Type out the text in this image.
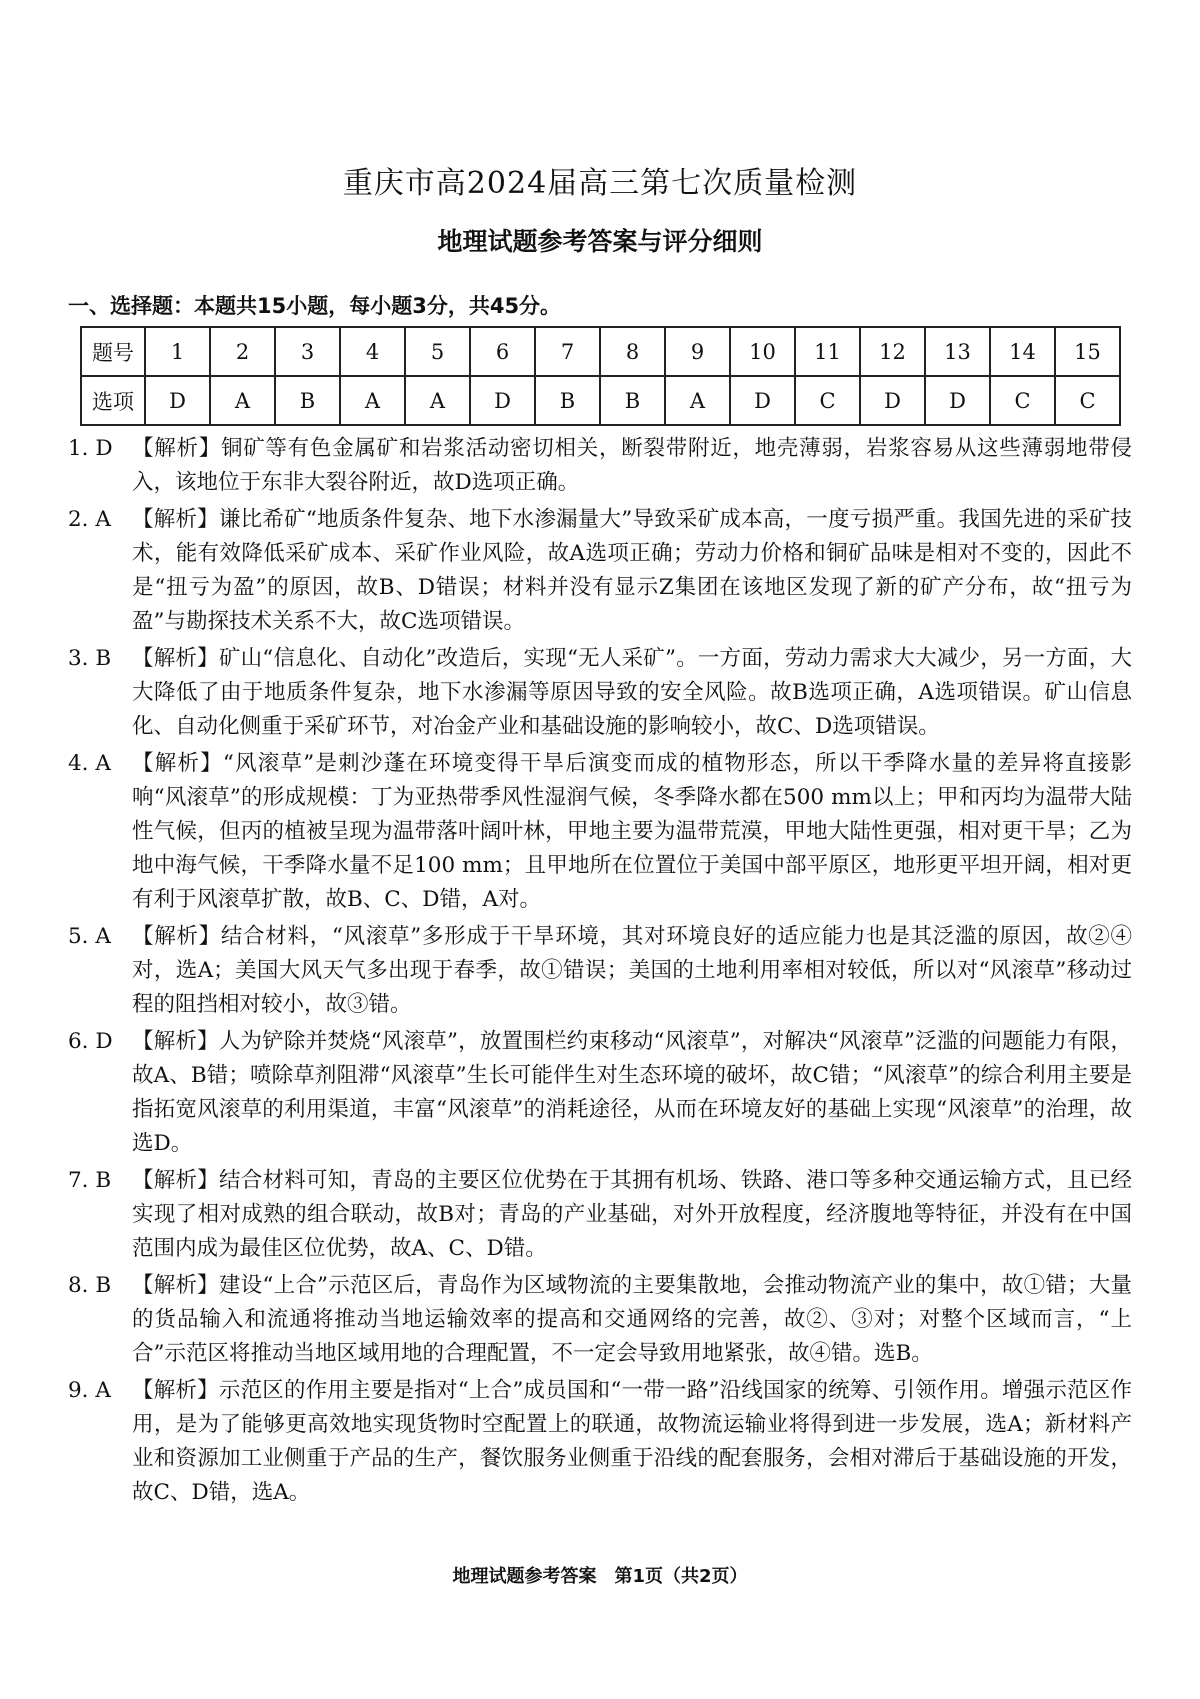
重庆市高2024届高三第七次质量检测
地理试题参考答案与评分细则
一、选择题：本题共15小题，每小题3分，共45分。
题号	1	2	3	4	5	6	7	8	9	10	11	12	13	14	15
选项	D	A	B	A	A	D	B	B	A	D	C	D	D	C	C
1. D 【解析】铜矿等有色金属矿和岩浆活动密切相关，断裂带附近，地壳薄弱，岩浆容易从这些薄弱地带侵入，该地位于东非大裂谷附近，故D选项正确。
2. A 【解析】谦比希矿“地质条件复杂、地下水渗漏量大”导致采矿成本高，一度亏损严重。我国先进的采矿技术，能有效降低采矿成本、采矿作业风险，故A选项正确；劳动力价格和铜矿品味是相对不变的，因此不是“扭亏为盈”的原因，故B、D错误；材料并没有显示Z集团在该地区发现了新的矿产分布，故“扭亏为盈”与勘探技术关系不大，故C选项错误。
3. B 【解析】矿山“信息化、自动化”改造后，实现“无人采矿”。一方面，劳动力需求大大减少，另一方面，大大降低了由于地质条件复杂，地下水渗漏等原因导致的安全风险。故B选项正确，A选项错误。矿山信息化、自动化侧重于采矿环节，对冶金产业和基础设施的影响较小，故C、D选项错误。
4. A 【解析】“风滚草”是刺沙蓬在环境变得干旱后演变而成的植物形态，所以干季降水量的差异将直接影响“风滚草”的形成规模：丁为亚热带季风性湿润气候，冬季降水都在500 mm以上；甲和丙均为温带大陆性气候，但丙的植被呈现为温带落叶阔叶林，甲地主要为温带荒漠，甲地大陆性更强，相对更干旱；乙为地中海气候，干季降水量不足100 mm；且甲地所在位置位于美国中部平原区，地形更平坦开阔，相对更有利于风滚草扩散，故B、C、D错，A对。
5. A 【解析】结合材料，“风滚草”多形成于干旱环境，其对环境良好的适应能力也是其泛滥的原因，故②④对，选A；美国大风天气多出现于春季，故①错误；美国的土地利用率相对较低，所以对“风滚草”移动过程的阻挡相对较小，故③错。
6. D 【解析】人为铲除并焚烧“风滚草”，放置围栏约束移动“风滚草”，对解决“风滚草”泛滥的问题能力有限，故A、B错；喷除草剂阻滞“风滚草”生长可能伴生对生态环境的破坏，故C错；“风滚草”的综合利用主要是指拓宽风滚草的利用渠道，丰富“风滚草”的消耗途径，从而在环境友好的基础上实现“风滚草”的治理，故选D。
7. B 【解析】结合材料可知，青岛的主要区位优势在于其拥有机场、铁路、港口等多种交通运输方式，且已经实现了相对成熟的组合联动，故B对；青岛的产业基础，对外开放程度，经济腹地等特征，并没有在中国范围内成为最佳区位优势，故A、C、D错。
8. B 【解析】建设“上合”示范区后，青岛作为区域物流的主要集散地，会推动物流产业的集中，故①错；大量的货品输入和流通将推动当地运输效率的提高和交通网络的完善，故②、③对；对整个区域而言，“上合”示范区将推动当地区域用地的合理配置，不一定会导致用地紧张，故④错。选B。
9. A 【解析】示范区的作用主要是指对“上合”成员国和“一带一路”沿线国家的统筹、引领作用。增强示范区作用，是为了能够更高效地实现货物时空配置上的联通，故物流运输业将得到进一步发展，选A；新材料产业和资源加工业侧重于产品的生产，餐饮服务业侧重于沿线的配套服务，会相对滞后于基础设施的开发，故C、D错，选A。
地理试题参考答案　第1页（共2页）
